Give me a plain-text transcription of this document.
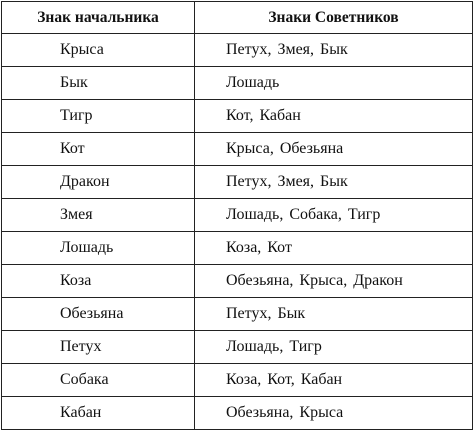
Знак начальника	Знаки Советников
Крыса	Петух, Змея, Бык
Бык	Лошадь
Тигр	Кот, Кабан
Кот	Крыса, Обезьяна
Дракон	Петух, Змея, Бык
Змея	Лошадь, Собака, Тигр
Лошадь	Коза, Кот
Коза	Обезьяна, Крыса, Дракон
Обезьяна	Петух, Бык
Петух	Лошадь, Тигр
Собака	Коза, Кот, Кабан
Кабан	Обезьяна, Крыса
